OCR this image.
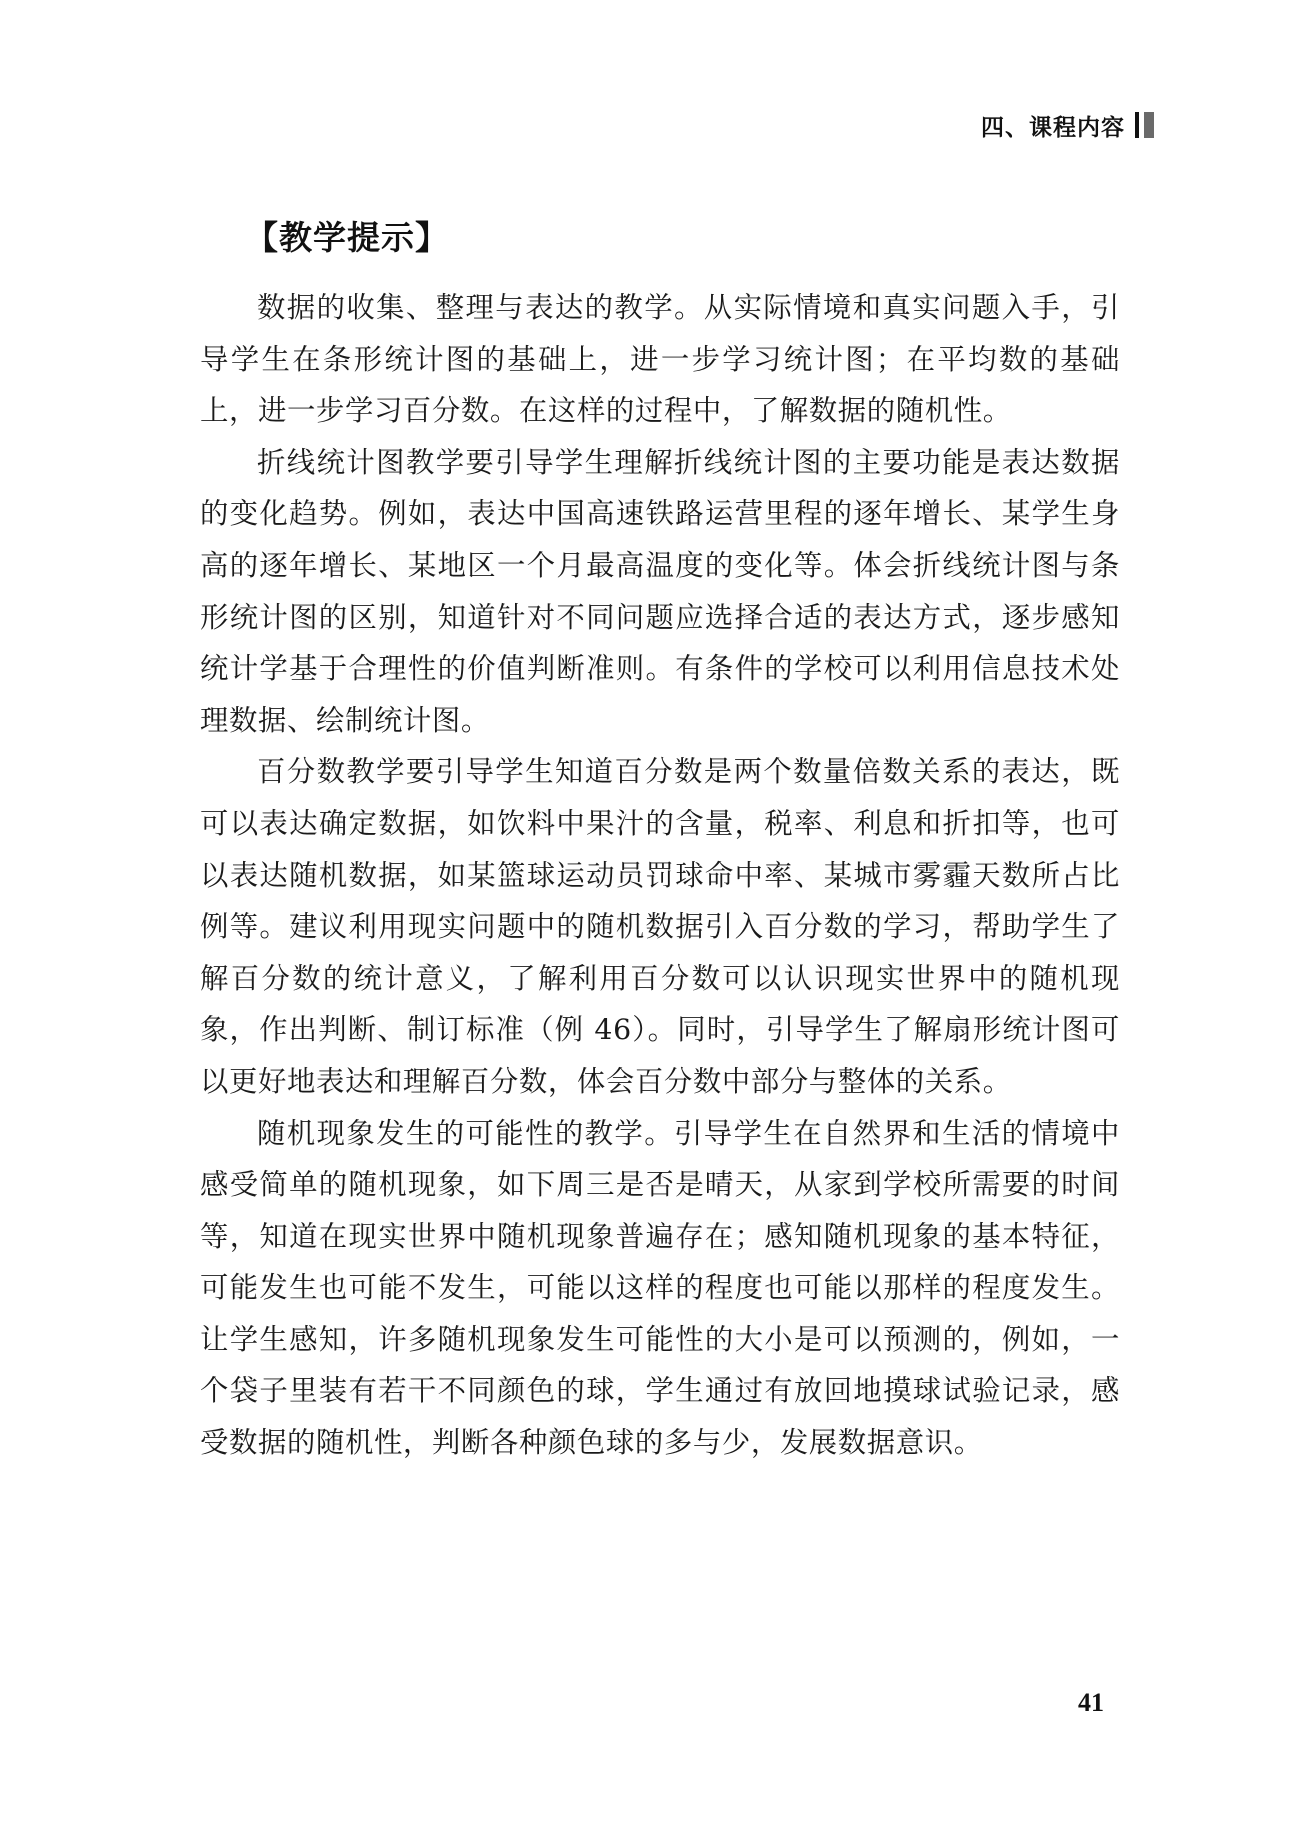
四、课程内容
【教学提示】

数据的收集、整理与表达的教学。从实际情境和真实问题入手，引导学生在条形统计图的基础上，进一步学习统计图；在平均数的基础上，进一步学习百分数。在这样的过程中，了解数据的随机性。

折线统计图教学要引导学生理解折线统计图的主要功能是表达数据的变化趋势。例如，表达中国高速铁路运营里程的逐年增长、某学生身高的逐年增长、某地区一个月最高温度的变化等。体会折线统计图与条形统计图的区别，知道针对不同问题应选择合适的表达方式，逐步感知统计学基于合理性的价值判断准则。有条件的学校可以利用信息技术处理数据、绘制统计图。

百分数教学要引导学生知道百分数是两个数量倍数关系的表达，既可以表达确定数据，如饮料中果汁的含量，税率、利息和折扣等，也可以表达随机数据，如某篮球运动员罚球命中率、某城市雾霾天数所占比例等。建议利用现实问题中的随机数据引入百分数的学习，帮助学生了解百分数的统计意义，了解利用百分数可以认识现实世界中的随机现象，作出判断、制订标准（例 46）。同时，引导学生了解扇形统计图可以更好地表达和理解百分数，体会百分数中部分与整体的关系。

随机现象发生的可能性的教学。引导学生在自然界和生活的情境中感受简单的随机现象，如下周三是否是晴天，从家到学校所需要的时间等，知道在现实世界中随机现象普遍存在；感知随机现象的基本特征，可能发生也可能不发生，可能以这样的程度也可能以那样的程度发生。让学生感知，许多随机现象发生可能性的大小是可以预测的，例如，一个袋子里装有若干不同颜色的球，学生通过有放回地摸球试验记录，感受数据的随机性，判断各种颜色球的多与少，发展数据意识。

41
